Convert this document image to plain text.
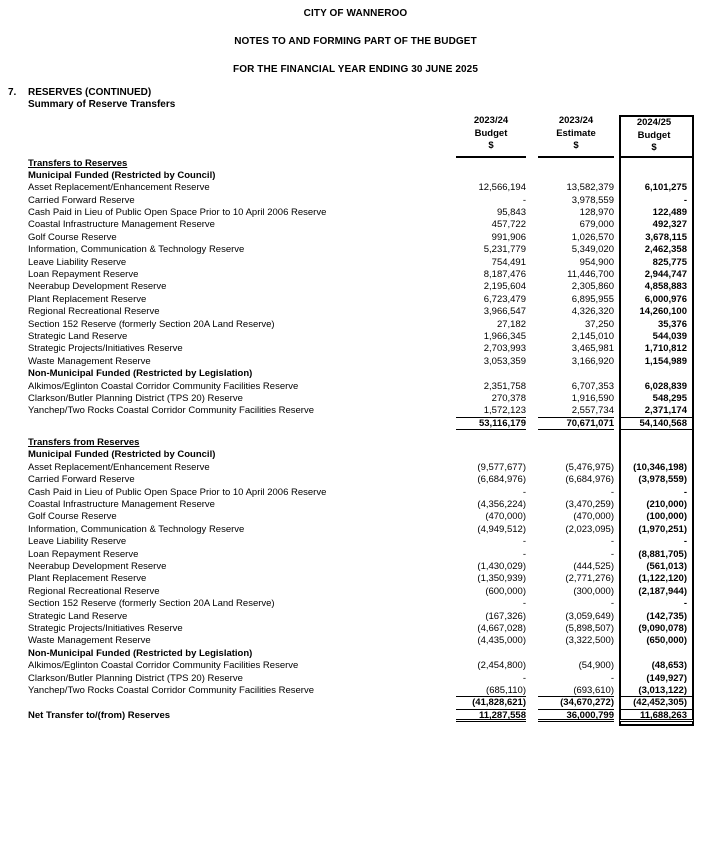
CITY OF WANNEROO
NOTES TO AND FORMING PART OF THE BUDGET
FOR THE FINANCIAL YEAR ENDING 30 JUNE 2025
7.	RESERVES (CONTINUED)
Summary of Reserve Transfers
2023/24
Budget
$
2023/24
Estimate
$
2024/25
Budget
$
Transfers to Reserves
Municipal Funded (Restricted by Council)
Asset Replacement/Enhancement Reserve	12,566,194	13,582,379	6,101,275
Carried Forward Reserve	-	3,978,559	-
Cash Paid in Lieu of Public Open Space Prior to 10 April 2006 Reserve	95,843	128,970	122,489
Coastal Infrastructure Management Reserve	457,722	679,000	492,327
Golf Course Reserve	991,906	1,026,570	3,678,115
Information, Communication & Technology Reserve	5,231,779	5,349,020	2,462,358
Leave Liability Reserve	754,491	954,900	825,775
Loan Repayment Reserve	8,187,476	11,446,700	2,944,747
Neerabup Development Reserve	2,195,604	2,305,860	4,858,883
Plant Replacement Reserve	6,723,479	6,895,955	6,000,976
Regional Recreational Reserve	3,966,547	4,326,320	14,260,100
Section 152 Reserve (formerly Section 20A Land Reserve)	27,182	37,250	35,376
Strategic Land Reserve	1,966,345	2,145,010	544,039
Strategic Projects/Initiatives Reserve	2,703,993	3,465,981	1,710,812
Waste Management Reserve	3,053,359	3,166,920	1,154,989
Non-Municipal Funded (Restricted by Legislation)
Alkimos/Eglinton Coastal Corridor Community Facilities Reserve	2,351,758	6,707,353	6,028,839
Clarkson/Butler Planning District (TPS 20) Reserve	270,378	1,916,590	548,295
Yanchep/Two Rocks Coastal Corridor Community Facilities Reserve	1,572,123	2,557,734	2,371,174
53,116,179	70,671,071	54,140,568
Transfers from Reserves
Municipal Funded (Restricted by Council)
Asset Replacement/Enhancement Reserve	(9,577,677)	(5,476,975)	(10,346,198)
Carried Forward Reserve	(6,684,976)	(6,684,976)	(3,978,559)
Cash Paid in Lieu of Public Open Space Prior to 10 April 2006 Reserve	-	-	-
Coastal Infrastructure Management Reserve	(4,356,224)	(3,470,259)	(210,000)
Golf Course Reserve	(470,000)	(470,000)	(100,000)
Information, Communication & Technology Reserve	(4,949,512)	(2,023,095)	(1,970,251)
Leave Liability Reserve	-	-	-
Loan Repayment Reserve	-	-	(8,881,705)
Neerabup Development Reserve	(1,430,029)	(444,525)	(561,013)
Plant Replacement Reserve	(1,350,939)	(2,771,276)	(1,122,120)
Regional Recreational Reserve	(600,000)	(300,000)	(2,187,944)
Section 152 Reserve (formerly Section 20A Land Reserve)	-	-	-
Strategic Land Reserve	(167,326)	(3,059,649)	(142,735)
Strategic Projects/Initiatives Reserve	(4,667,028)	(5,898,507)	(9,090,078)
Waste Management Reserve	(4,435,000)	(3,322,500)	(650,000)
Non-Municipal Funded (Restricted by Legislation)
Alkimos/Eglinton Coastal Corridor Community Facilities Reserve	(2,454,800)	(54,900)	(48,653)
Clarkson/Butler Planning District (TPS 20) Reserve	-	-	(149,927)
Yanchep/Two Rocks Coastal Corridor Community Facilities Reserve	(685,110)	(693,610)	(3,013,122)
(41,828,621)	(34,670,272)	(42,452,305)
Net Transfer to/(from) Reserves	11,287,558	36,000,799	11,688,263
